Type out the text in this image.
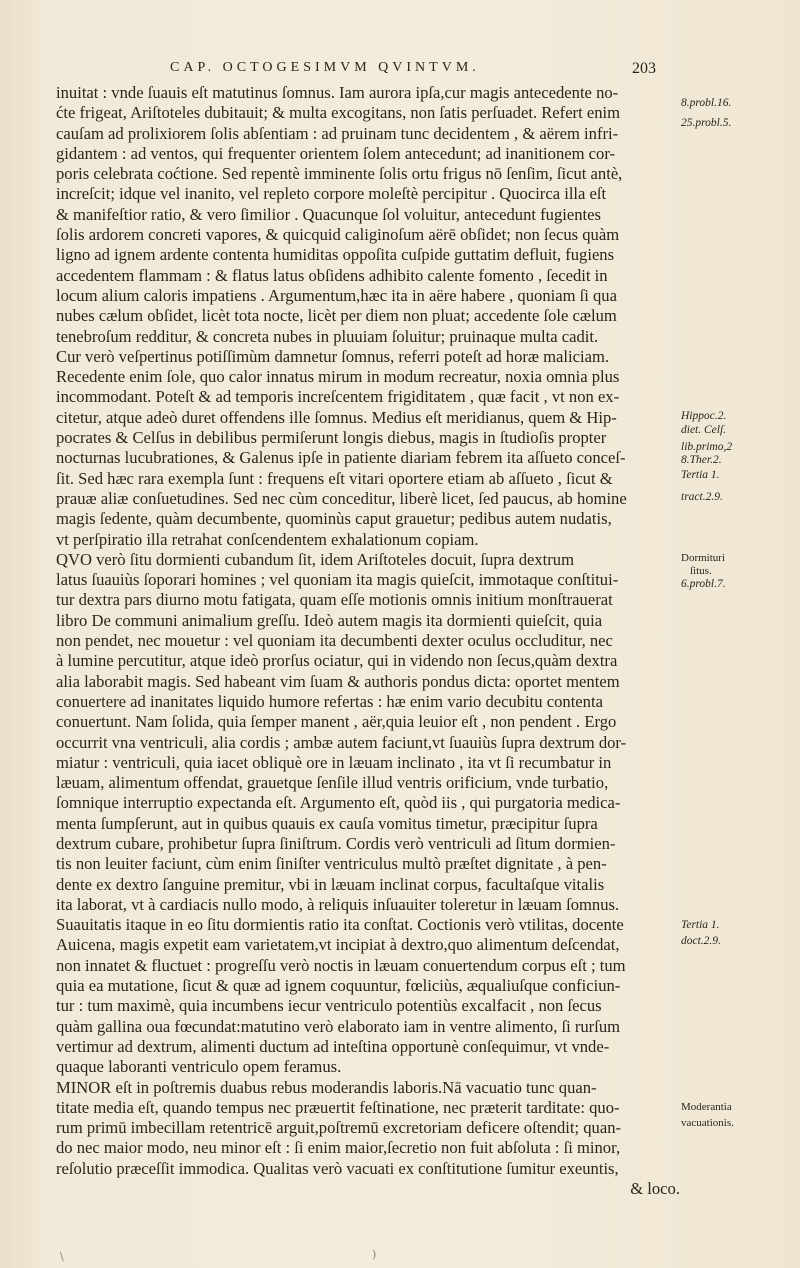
CAP. OCTOGESIMVM QVINTVM.	203
inuitat : vnde ſuauis eſt matutinus ſomnus. Iam aurora ipſa,cur magis antecedente no-
ćte frigeat, Ariſtoteles dubitauit; & multa excogitans, non ſatis perſuadet. Refert enim
cauſam ad prolixiorem ſolis abſentiam : ad pruinam tunc decidentem , & aërem infri-
gidantem : ad ventos, qui frequenter orientem ſolem antecedunt; ad inanitionem cor-
poris celebrata coćtione. Sed repentè imminente ſolis ortu frigus nō ſenſim, ſicut antè,
increſcit; idque vel inanito, vel repleto corpore moleſtè percipitur . Quocirca illa eſt
& manifeſtior ratio, & vero ſimilior . Quacunque ſol voluitur, antecedunt fugientes
ſolis ardorem concreti vapores, & quicquid caliginoſum aërē obſidet; non ſecus quàm
ligno ad ignem ardente contenta humiditas oppoſita cuſpide guttatim defluit, fugiens
accedentem flammam : & flatus latus obſidens adhibito calente fomento , ſecedit in
locum alium caloris impatiens . Argumentum,hæc ita in aëre habere , quoniam ſi qua
nubes cælum obſidet, licèt tota nocte, licèt per diem non pluat; accedente ſole cælum
tenebroſum redditur, & concreta nubes in pluuiam ſoluitur; pruinaque multa cadit.
Cur verò veſpertinus potiſſimùm damnetur ſomnus, referri poteſt ad horæ maliciam.
Recedente enim ſole, quo calor innatus mirum in modum recreatur, noxia omnia plus
incommodant. Poteſt & ad temporis increſcentem frigiditatem , quæ facit , vt non ex-
citetur, atque adeò duret offendens ille ſomnus. Medius eſt meridianus, quem & Hip-
pocrates & Celſus in debilibus permiſerunt longis diebus, magis in ſtudioſis propter
nocturnas lucubrationes, & Galenus ipſe in patiente diariam febrem ita aſſueto conceſ-
ſit. Sed hæc rara exempla ſunt : frequens eſt vitari oportere etiam ab aſſueto , ſicut &
prauæ aliæ conſuetudines. Sed nec cùm conceditur, liberè licet, ſed paucus, ab homine
magis ſedente, quàm decumbente, quominùs caput grauetur; pedibus autem nudatis,
vt perſpiratio illa retrahat conſcendentem exhalationum copiam.
QVO verò ſitu dormienti cubandum ſit, idem Ariſtoteles docuit, ſupra dextrum
latus ſuauiùs ſoporari homines ; vel quoniam ita magis quieſcit, immotaque conſtitui-
tur dextra pars diurno motu fatigata, quam eſſe motionis omnis initium monſtrauerat
libro De communi animalium greſſu. Ideò autem magis ita dormienti quieſcit, quia
non pendet, nec mouetur : vel quoniam ita decumbenti dexter oculus occluditur, nec
à lumine percutitur, atque ideò prorſus ociatur, qui in videndo non ſecus,quàm dextra
alia laborabit magis. Sed habeant vim ſuam & authoris pondus dicta: oportet mentem
conuertere ad inanitates liquido humore refertas : hæ enim vario decubitu contenta
conuertunt. Nam ſolida, quia ſemper manent , aër,quia leuior eſt , non pendent . Ergo
occurrit vna ventriculi, alia cordis ; ambæ autem faciunt,vt ſuauiùs ſupra dextrum dor-
miatur : ventriculi, quia iacet obliquè ore in læuam inclinato , ita vt ſi recumbatur in
læuam, alimentum offendat, grauetque ſenſile illud ventris orificium, vnde turbatio,
ſomnique interruptio expectanda eſt. Argumento eſt, quòd iis , qui purgatoria medica-
menta ſumpſerunt, aut in quibus quauis ex cauſa vomitus timetur, præcipitur ſupra
dextrum cubare, prohibetur ſupra ſiniſtrum. Cordis verò ventriculi ad ſitum dormien-
tis non leuiter faciunt, cùm enim ſiniſter ventriculus multò præſtet dignitate , à pen-
dente ex dextro ſanguine premitur, vbi in læuam inclinat corpus, facultaſque vitalis
ita laborat, vt à cardiacis nullo modo, à reliquis inſuauiter toleretur in læuam ſomnus.
Suauitatis itaque in eo ſitu dormientis ratio ita conſtat. Coctionis verò vtilitas, docente
Auicena, magis expetit eam varietatem,vt incipiat à dextro,quo alimentum deſcendat,
non innatet & fluctuet : progreſſu verò noctis in læuam conuertendum corpus eſt ; tum
quia ea mutatione, ſicut & quæ ad ignem coquuntur, fœliciùs, æqualiuſque conficiun-
tur : tum maximè, quia incumbens iecur ventriculo potentiùs excalfacit , non ſecus
quàm gallina oua fœcundat:matutino verò elaborato iam in ventre alimento, ſi rurſum
vertimur ad dextrum, alimenti ductum ad inteſtina opportunè conſequimur, vt vnde-
quaque laboranti ventriculo opem feramus.
MINOR eſt in poſtremis duabus rebus moderandis laboris.Nā vacuatio tunc quan-
titate media eſt, quando tempus nec præuertit feſtinatione, nec præterit tarditate: quo-
rum primū imbecillam retentricē arguit,poſtremū excretoriam deficere oſtendit; quan-
do nec maior modo, neu minor eſt : ſi enim maior,ſecretio non fuit abſoluta : ſi minor,
reſolutio præceſſit immodica. Qualitas verò vacuati ex conſtitutione ſumitur exeuntis,
& loco.
8.probl.16.
25.probl.5.
Hippoc.2.
diet. Celſ.
lib.primo,2
8.Ther.2.
Tertia 1.
tract.2.9.
Dormituri
ſitus.
6.probl.7.
Tertia 1.
doct.2.9.
Moderantia
vacuationis.
\	)
